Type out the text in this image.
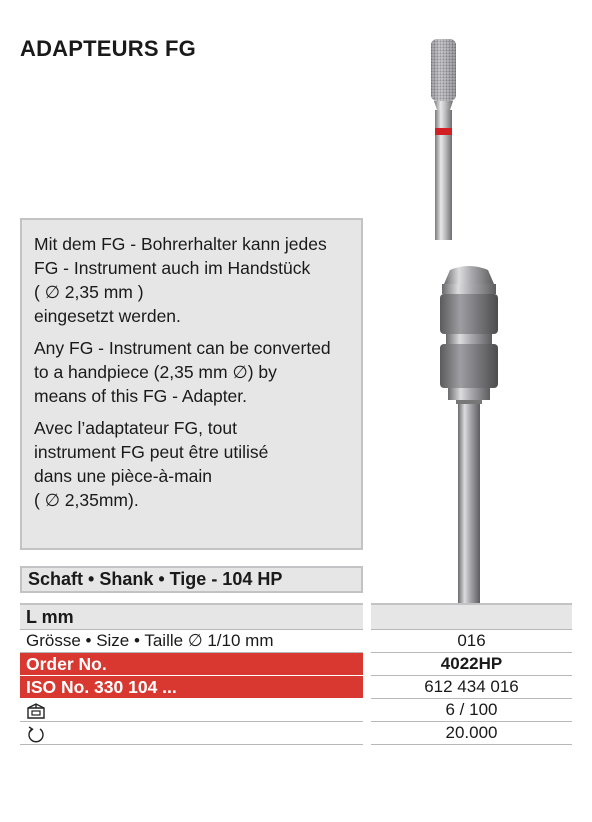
ADAPTEURS FG

Mit dem FG - Bohrerhalter kann jedes
FG - Instrument auch im Handstück
( ∅ 2,35 mm )
eingesetzt werden.

Any FG - Instrument can be converted
to a handpiece (2,35 mm ∅) by
means of this FG - Adapter.

Avec l’adaptateur FG, tout
instrument FG peut être utilisé
dans une pièce-à-main
( ∅ 2,35mm).

Schaft • Shank • Tige - 104 HP
L mm
Grösse • Size • Taille ∅ 1/10 mm
Order No.
ISO No. 330 104 ...
016
4022HP
612 434 016
6 / 100
20.000
